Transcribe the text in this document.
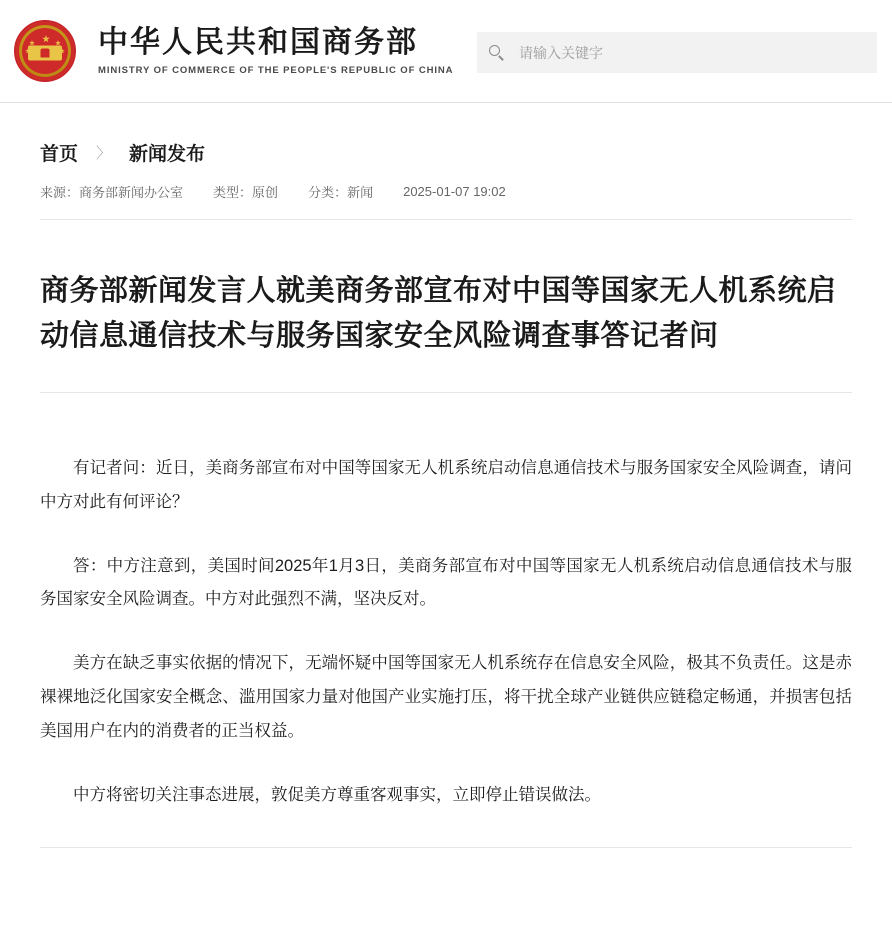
中华人民共和国商务部
MINISTRY OF COMMERCE OF THE PEOPLE'S REPUBLIC OF CHINA
请输入关键字
首页 〉 新闻发布
来源：商务部新闻办公室 类型：原创 分类：新闻 2025-01-07 19:02
商务部新闻发言人就美商务部宣布对中国等国家无人机系统启动信息通信技术与服务国家安全风险调查事答记者问

有记者问：近日，美商务部宣布对中国等国家无人机系统启动信息通信技术与服务国家安全风险调查，请问中方对此有何评论？

答：中方注意到，美国时间2025年1月3日，美商务部宣布对中国等国家无人机系统启动信息通信技术与服务国家安全风险调查。中方对此强烈不满，坚决反对。

美方在缺乏事实依据的情况下，无端怀疑中国等国家无人机系统存在信息安全风险，极其不负责任。这是赤裸裸地泛化国家安全概念、滥用国家力量对他国产业实施打压，将干扰全球产业链供应链稳定畅通，并损害包括美国用户在内的消费者的正当权益。

中方将密切关注事态进展，敦促美方尊重客观事实，立即停止错误做法。
